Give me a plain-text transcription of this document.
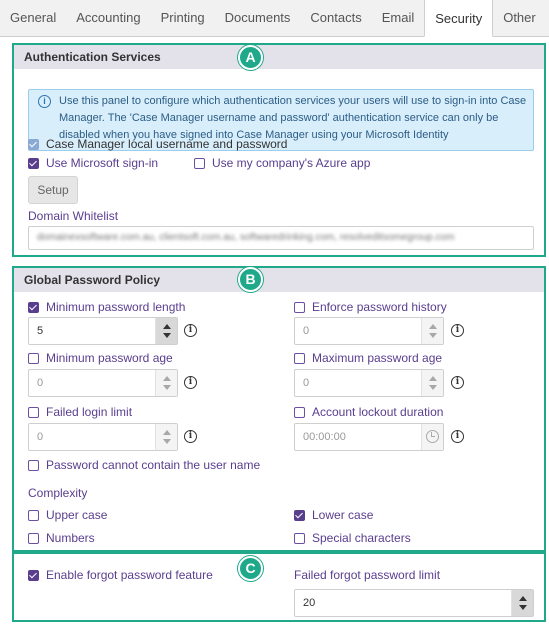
General	Accounting	Printing	Documents	Contacts	Email	Security	Other
Authentication Services
i	Use this panel to configure which authentication services your users will use to sign-in into Case Manager. The 'Case Manager username and password' authentication service can only be disabled when you have signed into Case Manager using your Microsoft Identity
Case Manager local username and password
Use Microsoft sign-in	Use my company's Azure app
Setup
Domain Whitelist
domainexsoftware.com.au, clientsoft.com.au, softwaredrinking.com, resolveditsomegroup.com
A
Global Password Policy
Minimum password length
5	i
Enforce password history
0	i
Minimum password age
0	i
Maximum password age
0	i
Failed login limit
0	i
Account lockout duration
00:00:00	i
Password cannot contain the user name
Complexity
Upper case	Lower case
Numbers	Special characters
B
Enable forgot password feature	Failed forgot password limit
20
C
